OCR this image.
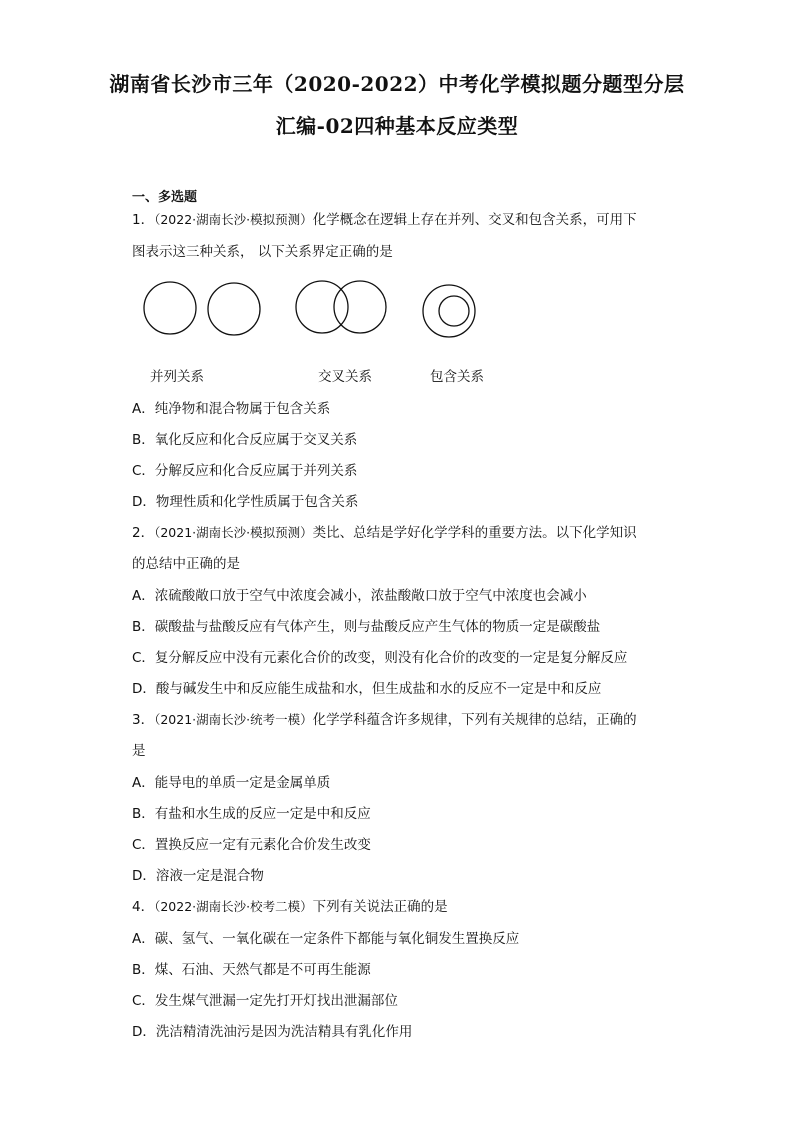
湖南省长沙市三年（2020-2022）中考化学模拟题分题型分层
汇编-02四种基本反应类型
一、多选题
1．（2022·湖南长沙·模拟预测）化学概念在逻辑上存在并列、交叉和包含关系，可用下
图表示这三种关系， 以下关系界定正确的是
并列关系	交叉关系	包含关系
A．纯净物和混合物属于包含关系
B．氧化反应和化合反应属于交叉关系
C．分解反应和化合反应属于并列关系
D．物理性质和化学性质属于包含关系
2．（2021·湖南长沙·模拟预测）类比、总结是学好化学学科的重要方法。以下化学知识
的总结中正确的是
A．浓硫酸敞口放于空气中浓度会减小，浓盐酸敞口放于空气中浓度也会减小
B．碳酸盐与盐酸反应有气体产生，则与盐酸反应产生气体的物质一定是碳酸盐
C．复分解反应中没有元素化合价的改变，则没有化合价的改变的一定是复分解反应
D．酸与碱发生中和反应能生成盐和水，但生成盐和水的反应不一定是中和反应
3．（2021·湖南长沙·统考一模）化学学科蕴含许多规律，下列有关规律的总结，正确的
是
A．能导电的单质一定是金属单质
B．有盐和水生成的反应一定是中和反应
C．置换反应一定有元素化合价发生改变
D．溶液一定是混合物
4．（2022·湖南长沙·校考二模）下列有关说法正确的是
A．碳、氢气、一氧化碳在一定条件下都能与氧化铜发生置换反应
B．煤、石油、天然气都是不可再生能源
C．发生煤气泄漏一定先打开灯找出泄漏部位
D．洗洁精清洗油污是因为洗洁精具有乳化作用
